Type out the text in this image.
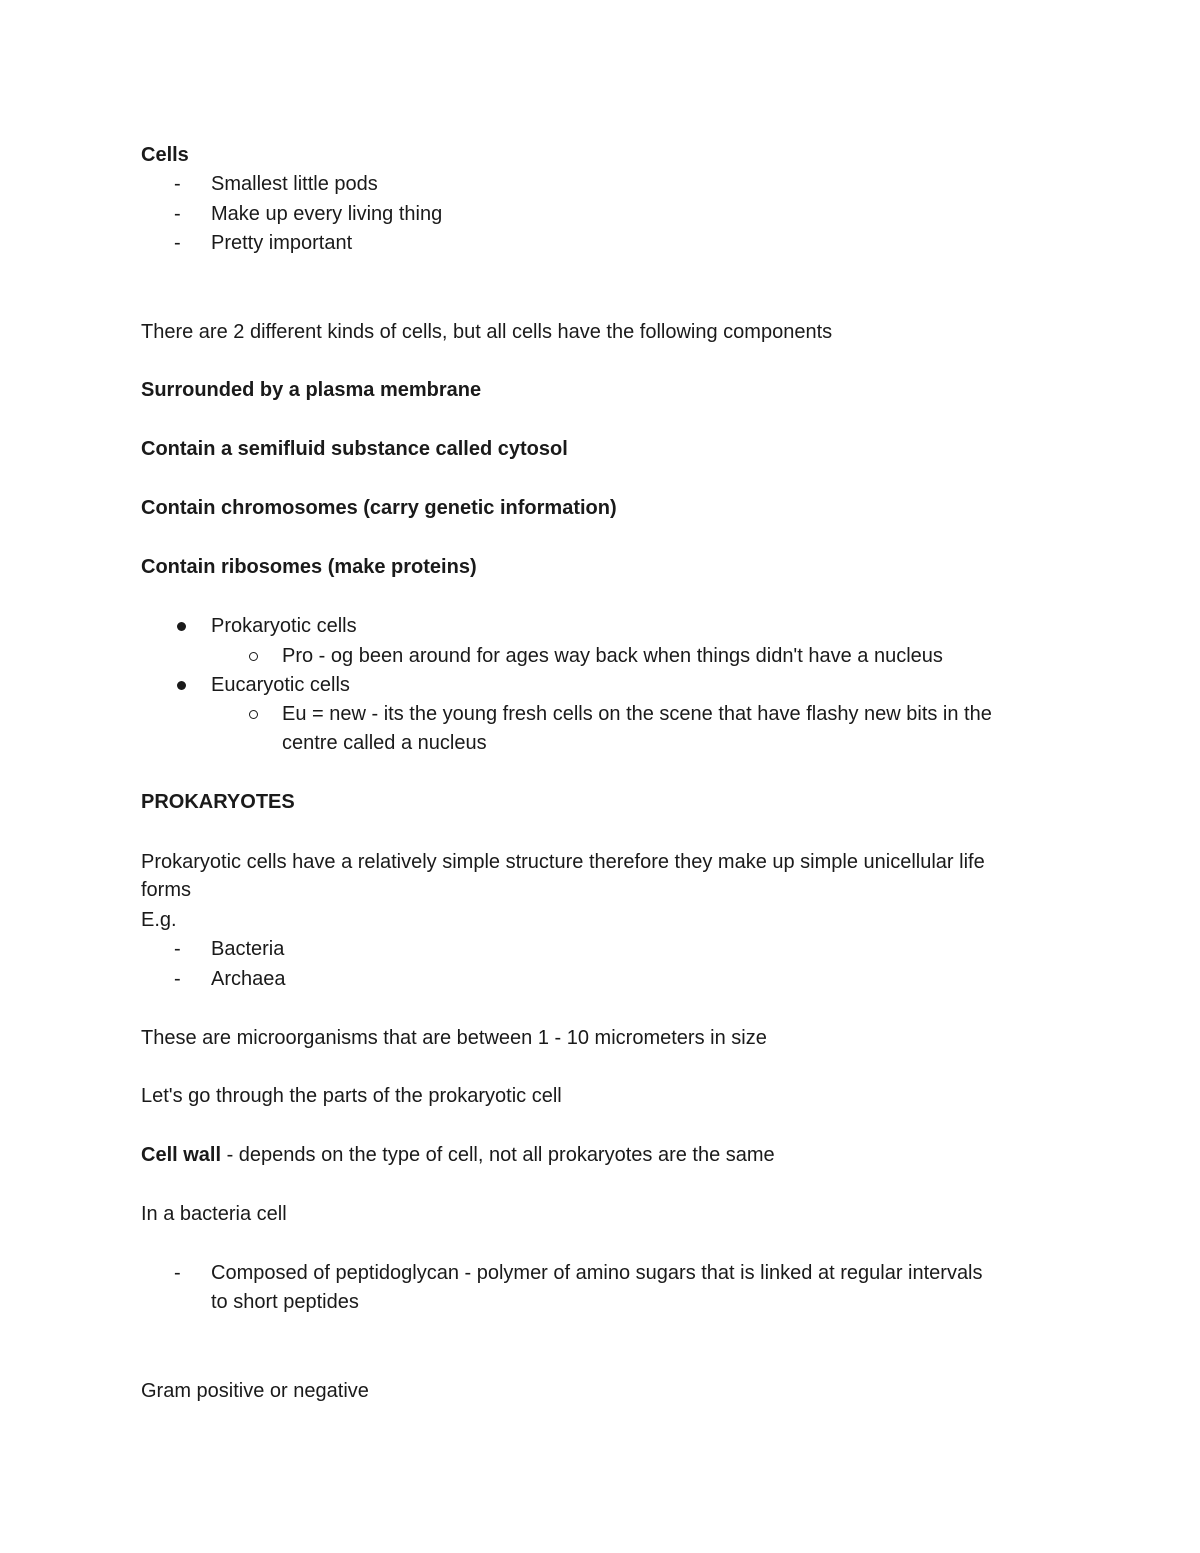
Cells
- Smallest little pods
- Make up every living thing
- Pretty important
There are 2 different kinds of cells, but all cells have the following components
Surrounded by a plasma membrane
Contain a semifluid substance called cytosol
Contain chromosomes (carry genetic information)
Contain ribosomes (make proteins)
Prokaryotic cells
Pro - og been around for ages way back when things didn't have a nucleus
Eucaryotic cells
Eu = new - its the young fresh cells on the scene that have flashy new bits in the
centre called a nucleus
PROKARYOTES
Prokaryotic cells have a relatively simple structure therefore they make up simple unicellular life
forms
E.g.
- Bacteria
- Archaea
These are microorganisms that are between 1 - 10 micrometers in size
Let's go through the parts of the prokaryotic cell
Cell wall - depends on the type of cell, not all prokaryotes are the same
In a bacteria cell
- Composed of peptidoglycan - polymer of amino sugars that is linked at regular intervals
to short peptides
Gram positive or negative
